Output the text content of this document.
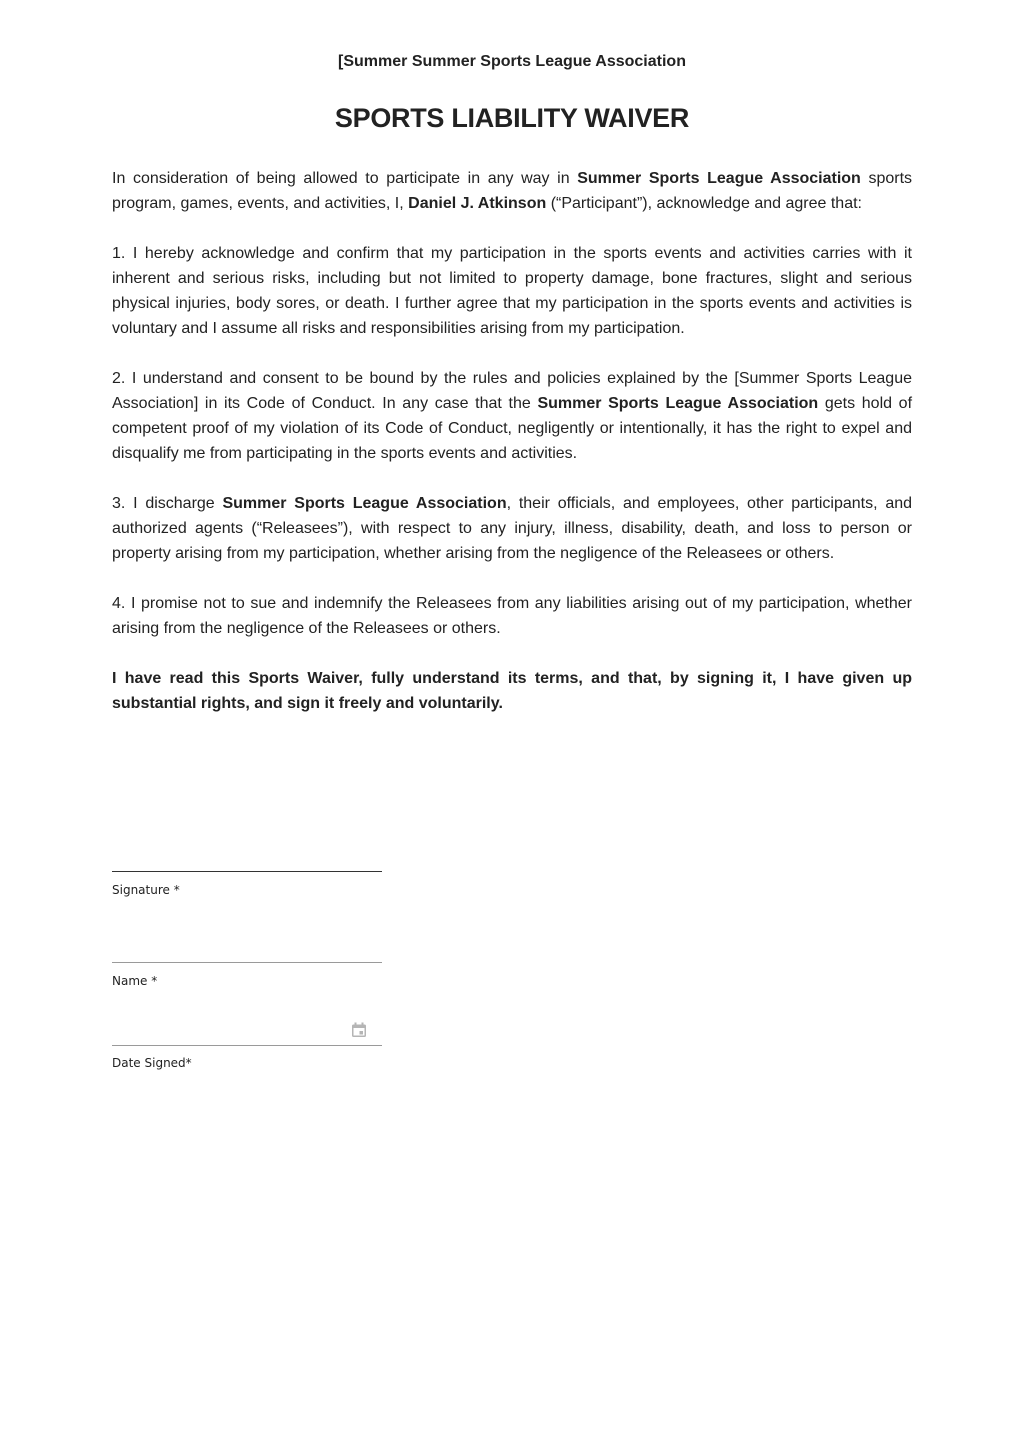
[Summer Summer Sports League Association
SPORTS LIABILITY WAIVER

In consideration of being allowed to participate in any way in Summer Sports League Association sports program, games, events, and activities, I, Daniel J. Atkinson (“Participant”), acknowledge and agree that:

1. I hereby acknowledge and confirm that my participation in the sports events and activities carries with it inherent and serious risks, including but not limited to property damage, bone fractures, slight and serious physical injuries, body sores, or death. I further agree that my participation in the sports events and activities is voluntary and I assume all risks and responsibilities arising from my participation.

2. I understand and consent to be bound by the rules and policies explained by the [Summer Sports League Association] in its Code of Conduct. In any case that the Summer Sports League Association gets hold of competent proof of my violation of its Code of Conduct, negligently or intentionally, it has the right to expel and disqualify me from participating in the sports events and activities.

3. I discharge Summer Sports League Association, their officials, and employees, other participants, and authorized agents (“Releasees”), with respect to any injury, illness, disability, death, and loss to person or property arising from my participation, whether arising from the negligence of the Releasees or others.

4. I promise not to sue and indemnify the Releasees from any liabilities arising out of my participation, whether arising from the negligence of the Releasees or others.

I have read this Sports Waiver, fully understand its terms, and that, by signing it, I have given up substantial rights, and sign it freely and voluntarily.

Signature *
Name *
Date Signed*
